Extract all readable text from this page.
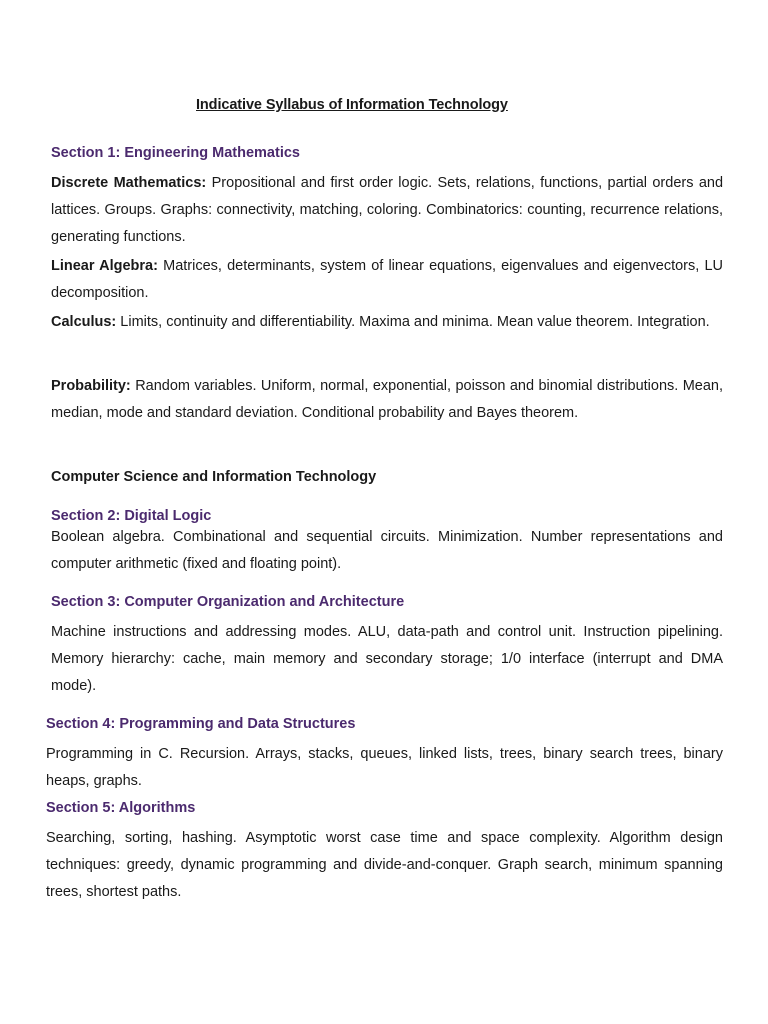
Indicative Syllabus of Information Technology
Section 1: Engineering Mathematics
Discrete Mathematics: Propositional and first order logic. Sets, relations, functions, partial orders and lattices. Groups. Graphs: connectivity, matching, coloring. Combinatorics: counting, recurrence relations, generating functions.
Linear Algebra: Matrices, determinants, system of linear equations, eigenvalues and eigenvectors, LU decomposition.
Calculus: Limits, continuity and differentiability. Maxima and minima. Mean value theorem. Integration.
Probability: Random variables. Uniform, normal, exponential, poisson and binomial distributions. Mean, median, mode and standard deviation. Conditional probability and Bayes theorem.
Computer Science and Information Technology
Section 2: Digital Logic
Boolean algebra. Combinational and sequential circuits. Minimization. Number representations and computer arithmetic (fixed and floating point).
Section 3: Computer Organization and Architecture
Machine instructions and addressing modes. ALU, data-path and control unit. Instruction pipelining. Memory hierarchy: cache, main memory and secondary storage; 1/0 interface (interrupt and DMA mode).
Section 4: Programming and Data Structures
Programming in C. Recursion. Arrays, stacks, queues, linked lists, trees, binary search trees, binary heaps, graphs.
Section 5: Algorithms
Searching, sorting, hashing. Asymptotic worst case time and space complexity. Algorithm design techniques: greedy, dynamic programming and divide-and-conquer. Graph search, minimum spanning trees, shortest paths.
